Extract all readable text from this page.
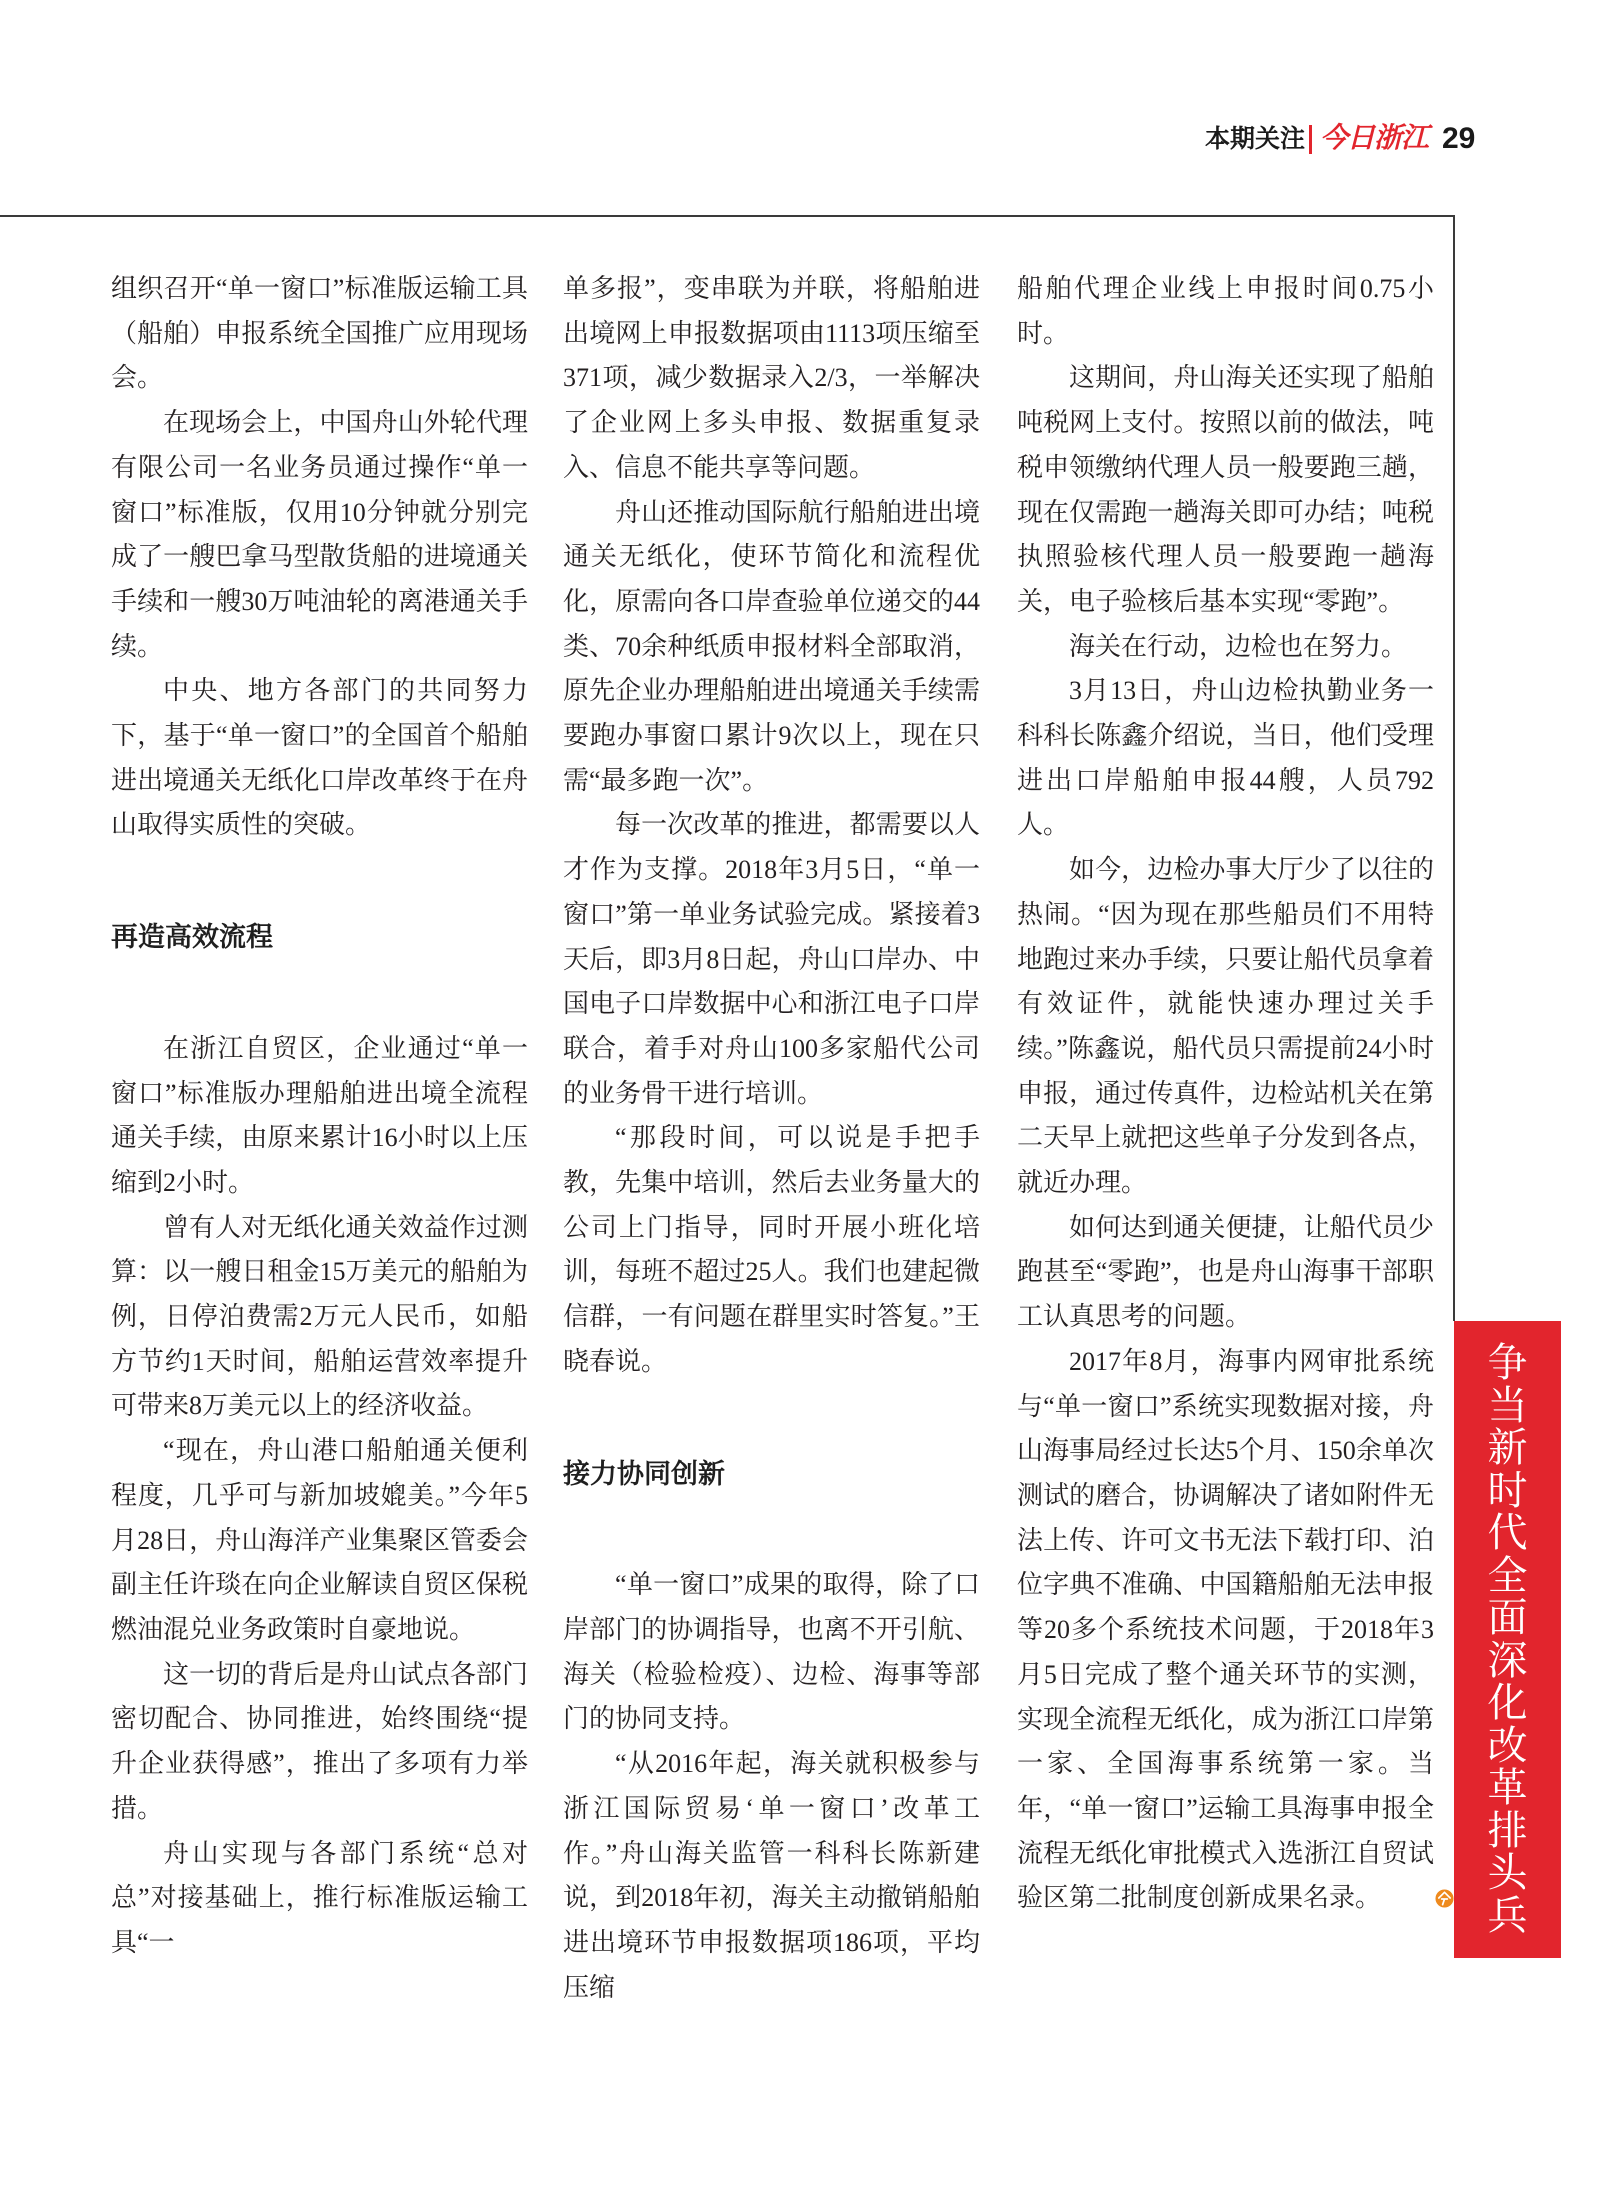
本期关注 今日浙江 29

组织召开“单一窗口”标准版运输工具（船舶）申报系统全国推广应用现场会。

在现场会上，中国舟山外轮代理有限公司一名业务员通过操作“单一窗口”标准版，仅用10分钟就分别完成了一艘巴拿马型散货船的进境通关手续和一艘30万吨油轮的离港通关手续。

中央、地方各部门的共同努力下，基于“单一窗口”的全国首个船舶进出境通关无纸化口岸改革终于在舟山取得实质性的突破。

再造高效流程

在浙江自贸区，企业通过“单一窗口”标准版办理船舶进出境全流程通关手续，由原来累计16小时以上压缩到2小时。

曾有人对无纸化通关效益作过测算：以一艘日租金15万美元的船舶为例，日停泊费需2万元人民币，如船方节约1天时间，船舶运营效率提升可带来8万美元以上的经济收益。

“现在，舟山港口船舶通关便利程度，几乎可与新加坡媲美。”今年5月28日，舟山海洋产业集聚区管委会副主任许琰在向企业解读自贸区保税燃油混兑业务政策时自豪地说。

这一切的背后是舟山试点各部门密切配合、协同推进，始终围绕“提升企业获得感”，推出了多项有力举措。

舟山实现与各部门系统“总对总”对接基础上，推行标准版运输工具“一

单多报”，变串联为并联，将船舶进出境网上申报数据项由1113项压缩至371项，减少数据录入2/3，一举解决了企业网上多头申报、数据重复录入、信息不能共享等问题。

舟山还推动国际航行船舶进出境通关无纸化，使环节简化和流程优化，原需向各口岸查验单位递交的44类、70余种纸质申报材料全部取消，原先企业办理船舶进出境通关手续需要跑办事窗口累计9次以上，现在只需“最多跑一次”。

每一次改革的推进，都需要以人才作为支撑。2018年3月5日，“单一窗口”第一单业务试验完成。紧接着3天后，即3月8日起，舟山口岸办、中国电子口岸数据中心和浙江电子口岸联合，着手对舟山100多家船代公司的业务骨干进行培训。

“那段时间，可以说是手把手教，先集中培训，然后去业务量大的公司上门指导，同时开展小班化培训，每班不超过25人。我们也建起微信群，一有问题在群里实时答复。”王晓春说。

接力协同创新

“单一窗口”成果的取得，除了口岸部门的协调指导，也离不开引航、海关（检验检疫）、边检、海事等部门的协同支持。

“从2016年起，海关就积极参与浙江国际贸易‘单一窗口’改革工作。”舟山海关监管一科科长陈新建说，到2018年初，海关主动撤销船舶进出境环节申报数据项186项，平均压缩

船舶代理企业线上申报时间0.75小时。

这期间，舟山海关还实现了船舶吨税网上支付。按照以前的做法，吨税申领缴纳代理人员一般要跑三趟，现在仅需跑一趟海关即可办结；吨税执照验核代理人员一般要跑一趟海关，电子验核后基本实现“零跑”。

海关在行动，边检也在努力。

3月13日，舟山边检执勤业务一科科长陈鑫介绍说，当日，他们受理进出口岸船舶申报44艘，人员792人。

如今，边检办事大厅少了以往的热闹。“因为现在那些船员们不用特地跑过来办手续，只要让船代员拿着有效证件，就能快速办理过关手续。”陈鑫说，船代员只需提前24小时申报，通过传真件，边检站机关在第二天早上就把这些单子分发到各点，就近办理。

如何达到通关便捷，让船代员少跑甚至“零跑”，也是舟山海事干部职工认真思考的问题。

2017年8月，海事内网审批系统与“单一窗口”系统实现数据对接，舟山海事局经过长达5个月、150余单次测试的磨合，协调解决了诸如附件无法上传、许可文书无法下载打印、泊位字典不准确、中国籍船舶无法申报等20多个系统技术问题，于2018年3月5日完成了整个通关环节的实测，实现全流程无纸化，成为浙江口岸第一家、全国海事系统第一家。当年，“单一窗口”运输工具海事申报全流程无纸化审批模式入选浙江自贸试验区第二批制度创新成果名录。

争当新时代全面深化改革排头兵
